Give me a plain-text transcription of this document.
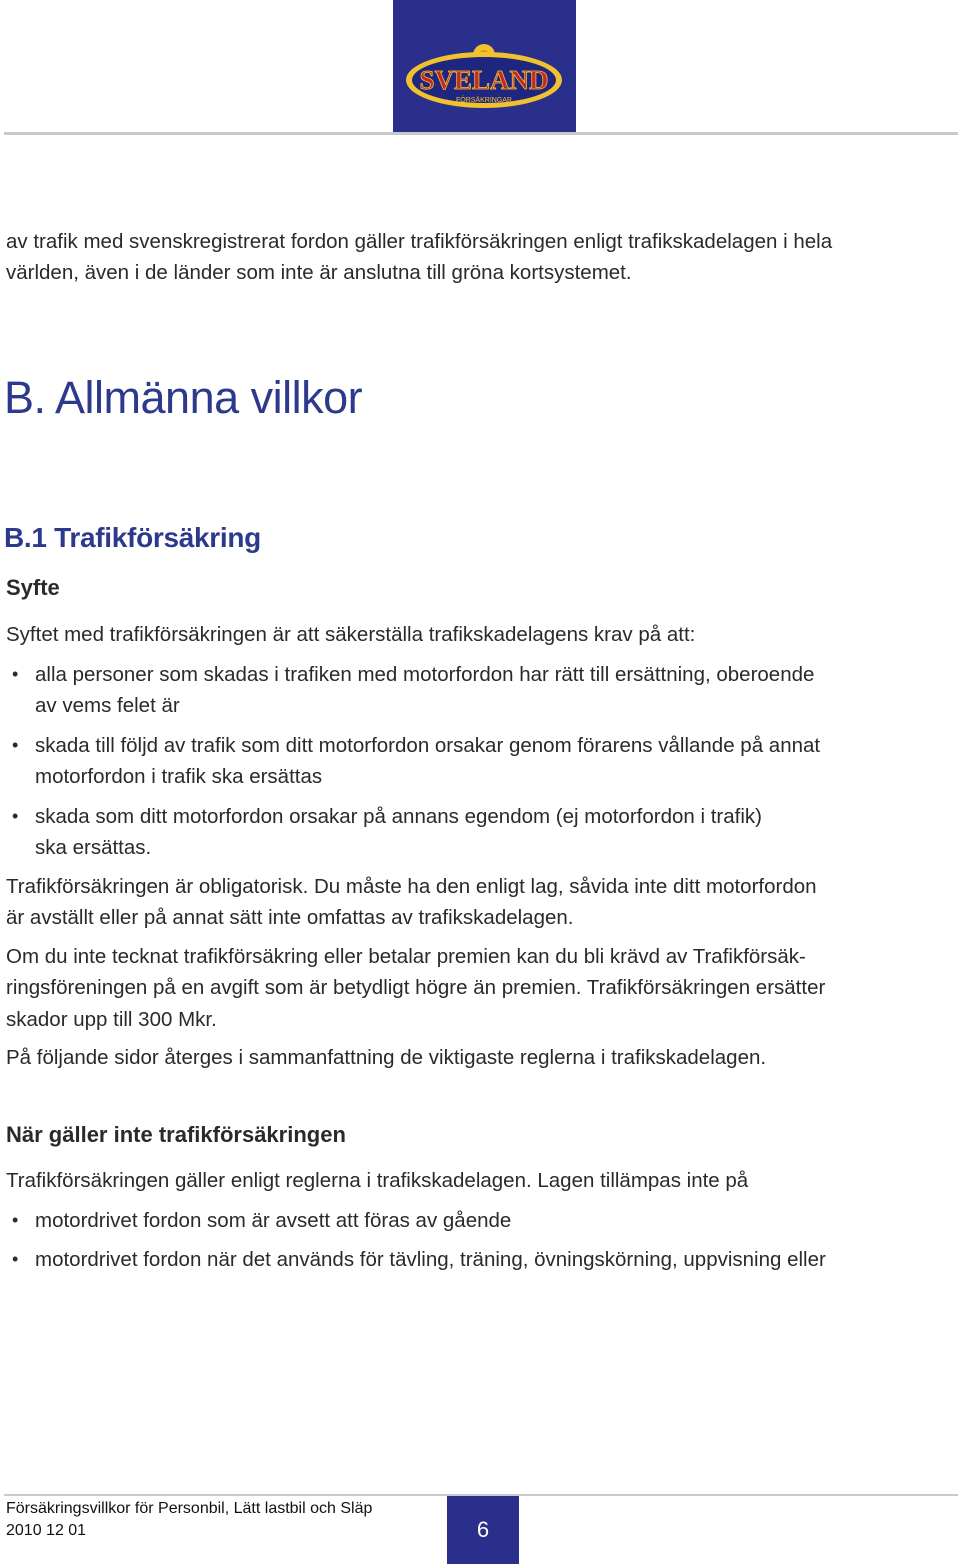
SVELAND
FÖRSÄKRINGAR

av trafik med svenskregistrerat fordon gäller trafikförsäkringen enligt trafikskadelagen i hela

världen, även i de länder som inte är anslutna till gröna kortsystemet.

B. Allmänna villkor
B.1 Trafikförsäkring
Syfte

Syftet med trafikförsäkringen är att säkerställa trafikskadelagens krav på att:

• alla personer som skadas i trafiken med motorfordon har rätt till ersättning, oberoende
av vems felet är
• skada till följd av trafik som ditt motorfordon orsakar genom förarens vållande på annat
motorfordon i trafik ska ersättas
• skada som ditt motorfordon orsakar på annans egendom (ej motorfordon i trafik)
ska ersättas.

Trafikförsäkringen är obligatorisk. Du måste ha den enligt lag, såvida inte ditt motorfordon
är avställt eller på annat sätt inte omfattas av trafikskadelagen.

Om du inte tecknat trafikförsäkring eller betalar premien kan du bli krävd av Trafikförsäk-
ringsföreningen på en avgift som är betydligt högre än premien. Trafikförsäkringen ersätter
skador upp till 300 Mkr.

På följande sidor återges i sammanfattning de viktigaste reglerna i trafikskadelagen.

När gäller inte trafikförsäkringen

Trafikförsäkringen gäller enligt reglerna i trafikskadelagen. Lagen tillämpas inte på

• motordrivet fordon som är avsett att föras av gående
• motordrivet fordon när det används för tävling, träning, övningskörning, uppvisning eller
Försäkringsvillkor för Personbil, Lätt lastbil och Släp
2010 12 01	6
